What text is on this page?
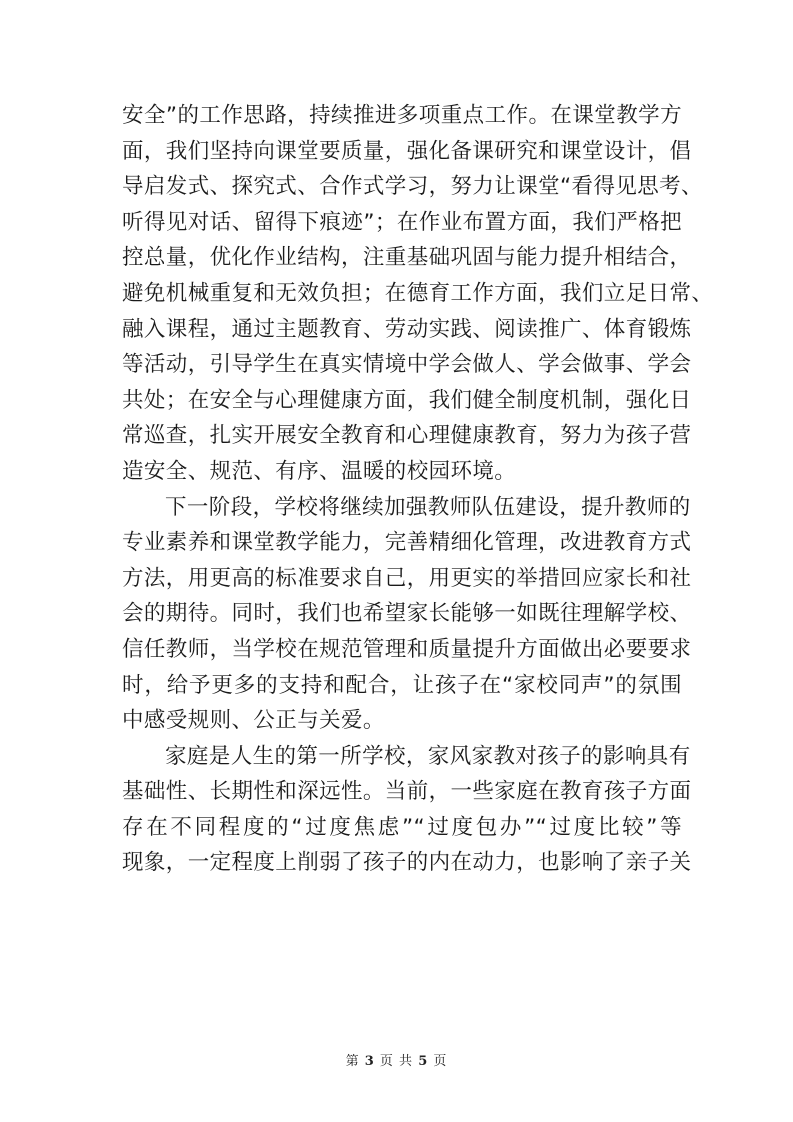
安全”的工作思路，持续推进多项重点工作。在课堂教学方
面，我们坚持向课堂要质量，强化备课研究和课堂设计，倡
导启发式、探究式、合作式学习，努力让课堂“看得见思考、
听得见对话、留得下痕迹”；在作业布置方面，我们严格把
控总量，优化作业结构，注重基础巩固与能力提升相结合，
避免机械重复和无效负担；在德育工作方面，我们立足日常、
融入课程，通过主题教育、劳动实践、阅读推广、体育锻炼
等活动，引导学生在真实情境中学会做人、学会做事、学会
共处；在安全与心理健康方面，我们健全制度机制，强化日
常巡查，扎实开展安全教育和心理健康教育，努力为孩子营
造安全、规范、有序、温暖的校园环境。

下一阶段，学校将继续加强教师队伍建设，提升教师的
专业素养和课堂教学能力，完善精细化管理，改进教育方式
方法，用更高的标准要求自己，用更实的举措回应家长和社
会的期待。同时，我们也希望家长能够一如既往理解学校、
信任教师，当学校在规范管理和质量提升方面做出必要要求
时，给予更多的支持和配合，让孩子在“家校同声”的氛围
中感受规则、公正与关爱。

家庭是人生的第一所学校，家风家教对孩子的影响具有
基础性、长期性和深远性。当前，一些家庭在教育孩子方面
存在不同程度的“过度焦虑”“过度包办”“过度比较”等
现象，一定程度上削弱了孩子的内在动力，也影响了亲子关

第 3 页 共 5 页
